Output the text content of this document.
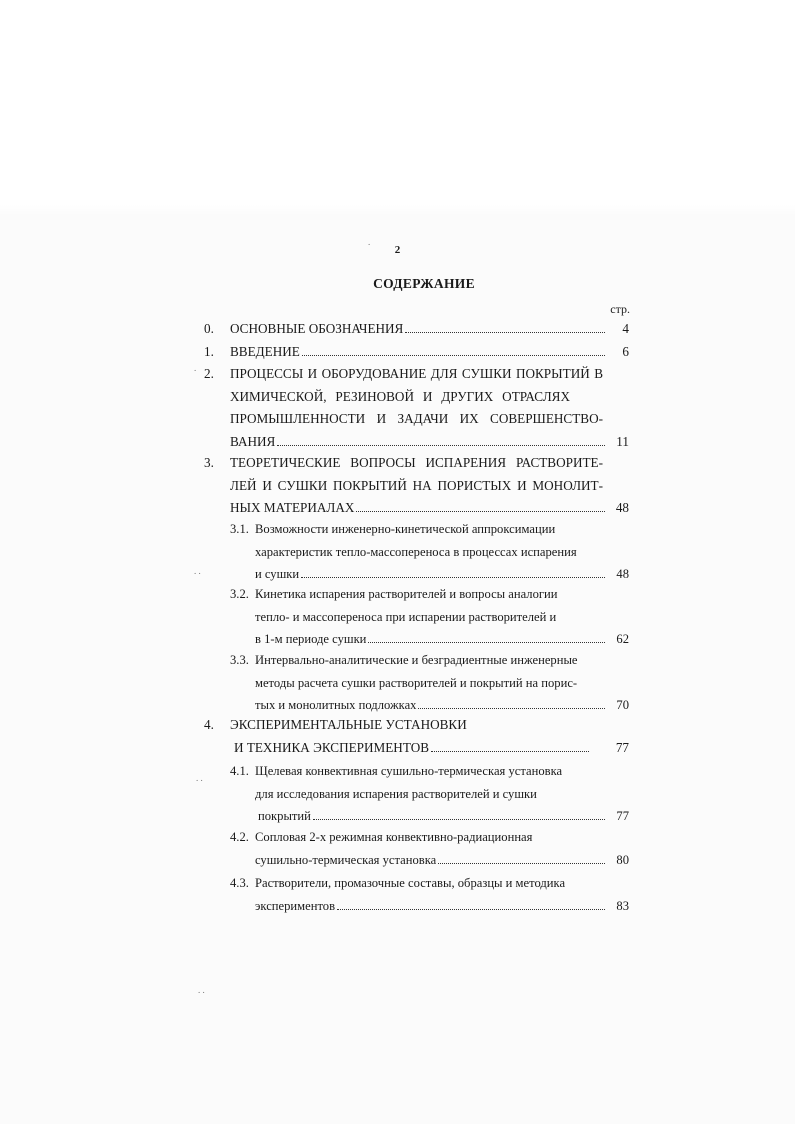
2
СОДЕРЖАНИЕ
стр.
0. ОСНОВНЫЕ ОБОЗНАЧЕНИЯ	4
1. ВВЕДЕНИЕ	6
2. ПРОЦЕССЫ И ОБОРУДОВАНИЕ ДЛЯ СУШКИ ПОКРЫТИЙ В
ХИМИЧЕСКОЙ, РЕЗИНОВОЙ И ДРУГИХ ОТРАСЛЯХ
ПРОМЫШЛЕННОСТИ И ЗАДАЧИ ИХ СОВЕРШЕНСТВО-
ВАНИЯ	11
3. ТЕОРЕТИЧЕСКИЕ ВОПРОСЫ ИСПАРЕНИЯ РАСТВОРИТЕ-
ЛЕЙ И СУШКИ ПОКРЫТИЙ НА ПОРИСТЫХ И МОНОЛИТ-
НЫХ МАТЕРИАЛАХ	48
3.1. Возможности инженерно-кинетической аппроксимации
характеристик тепло-массопереноса в процессах испарения
и сушки	48
3.2. Кинетика испарения растворителей и вопросы аналогии
тепло- и массопереноса при испарении растворителей и
в 1-м периоде сушки	62
3.3. Интервально-аналитические и безградиентные инженерные
методы расчета сушки растворителей и покрытий на порис-
тых и монолитных подложках	70
4. ЭКСПЕРИМЕНТАЛЬНЫЕ УСТАНОВКИ
И ТЕХНИКА ЭКСПЕРИМЕНТОВ	77
4.1. Щелевая конвективная сушильно-термическая установка
для исследования испарения растворителей и сушки
покрытий	77
4.2. Сопловая 2-х режимная конвективно-радиационная
сушильно-термическая установка	80
4.3. Растворители, промазочные составы, образцы и методика
экспериментов	83
.
.
. .
. .
. .
